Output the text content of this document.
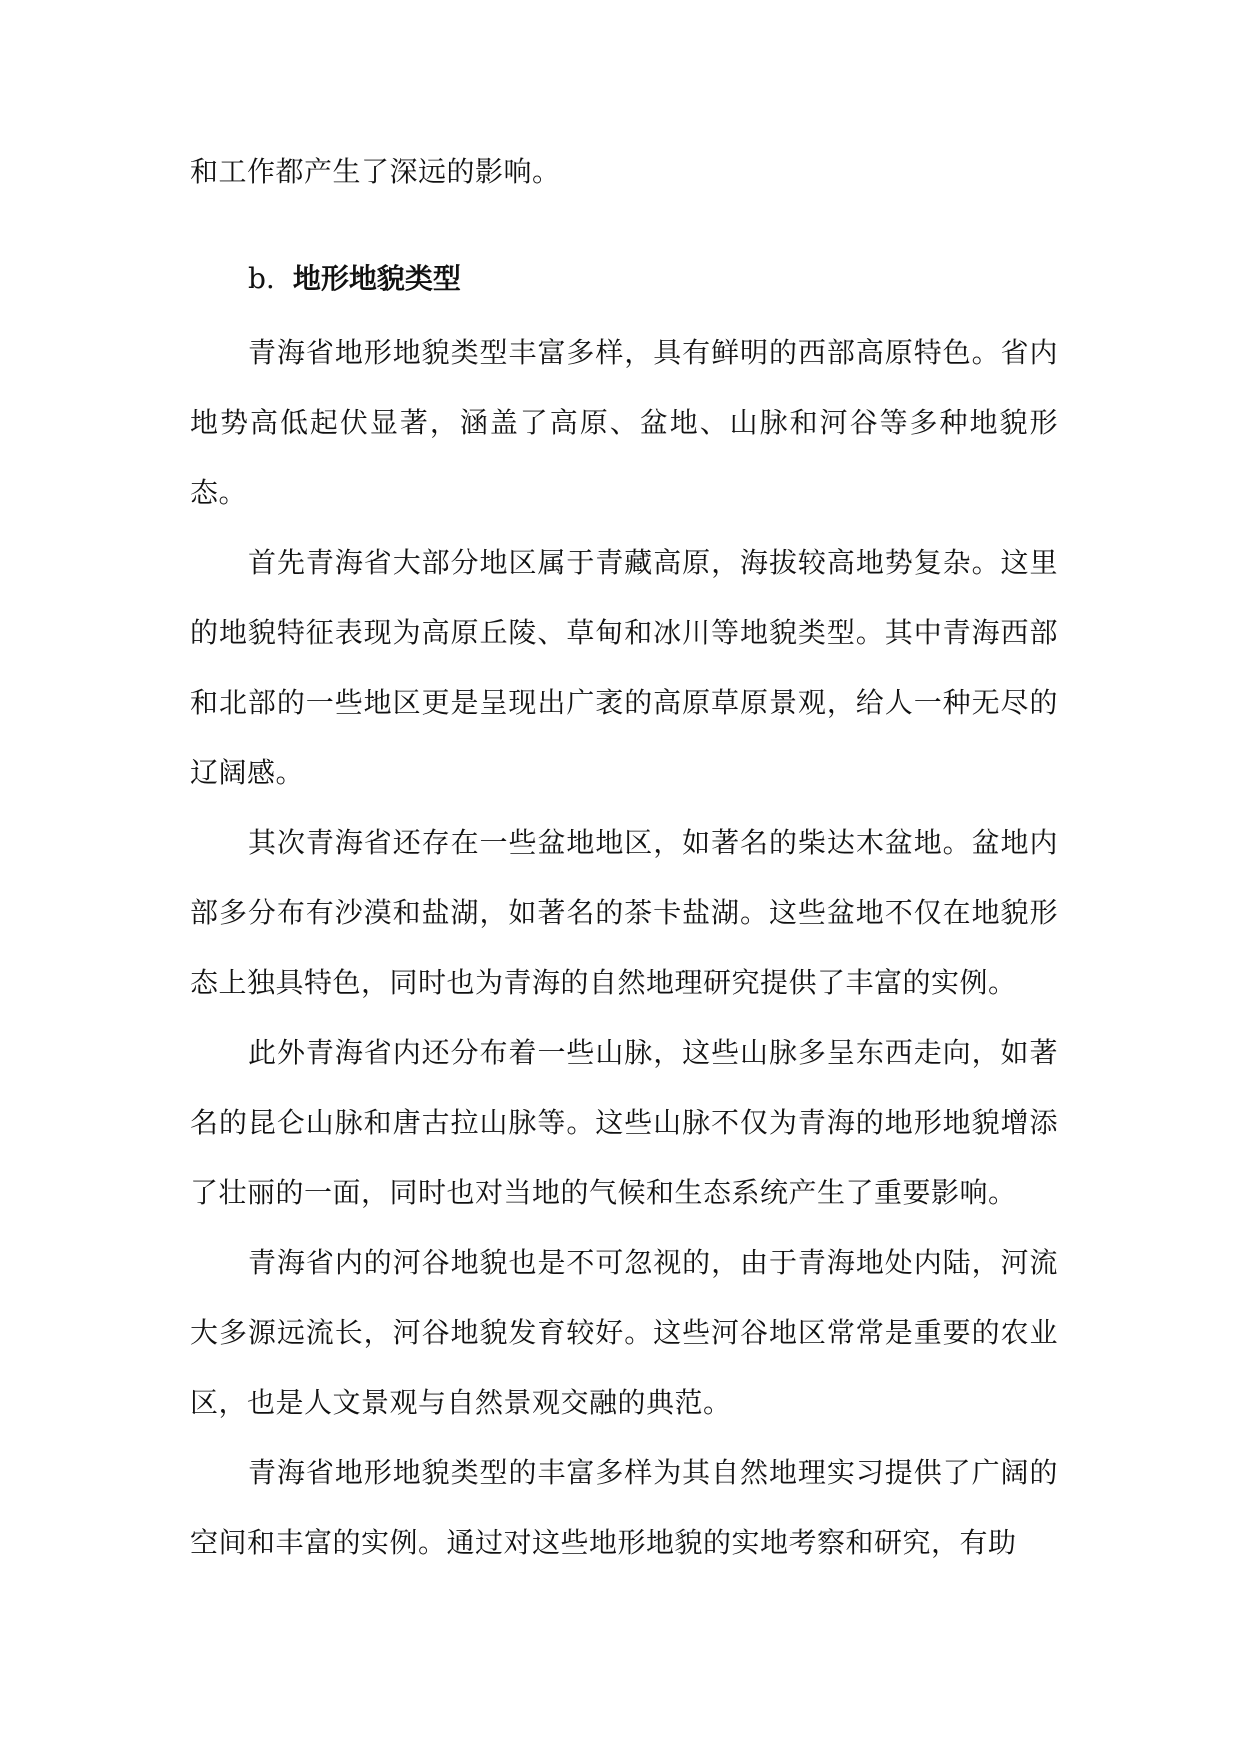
和工作都产生了深远的影响。

b. 地形地貌类型

青海省地形地貌类型丰富多样，具有鲜明的西部高原特色。省内地势高低起伏显著，涵盖了高原、盆地、山脉和河谷等多种地貌形态。

首先青海省大部分地区属于青藏高原，海拔较高地势复杂。这里的地貌特征表现为高原丘陵、草甸和冰川等地貌类型。其中青海西部和北部的一些地区更是呈现出广袤的高原草原景观，给人一种无尽的辽阔感。

其次青海省还存在一些盆地地区，如著名的柴达木盆地。盆地内部多分布有沙漠和盐湖，如著名的茶卡盐湖。这些盆地不仅在地貌形态上独具特色，同时也为青海的自然地理研究提供了丰富的实例。

此外青海省内还分布着一些山脉，这些山脉多呈东西走向，如著名的昆仑山脉和唐古拉山脉等。这些山脉不仅为青海的地形地貌增添了壮丽的一面，同时也对当地的气候和生态系统产生了重要影响。

青海省内的河谷地貌也是不可忽视的，由于青海地处内陆，河流大多源远流长，河谷地貌发育较好。这些河谷地区常常是重要的农业区，也是人文景观与自然景观交融的典范。

青海省地形地貌类型的丰富多样为其自然地理实习提供了广阔的空间和丰富的实例。通过对这些地形地貌的实地考察和研究，有助
